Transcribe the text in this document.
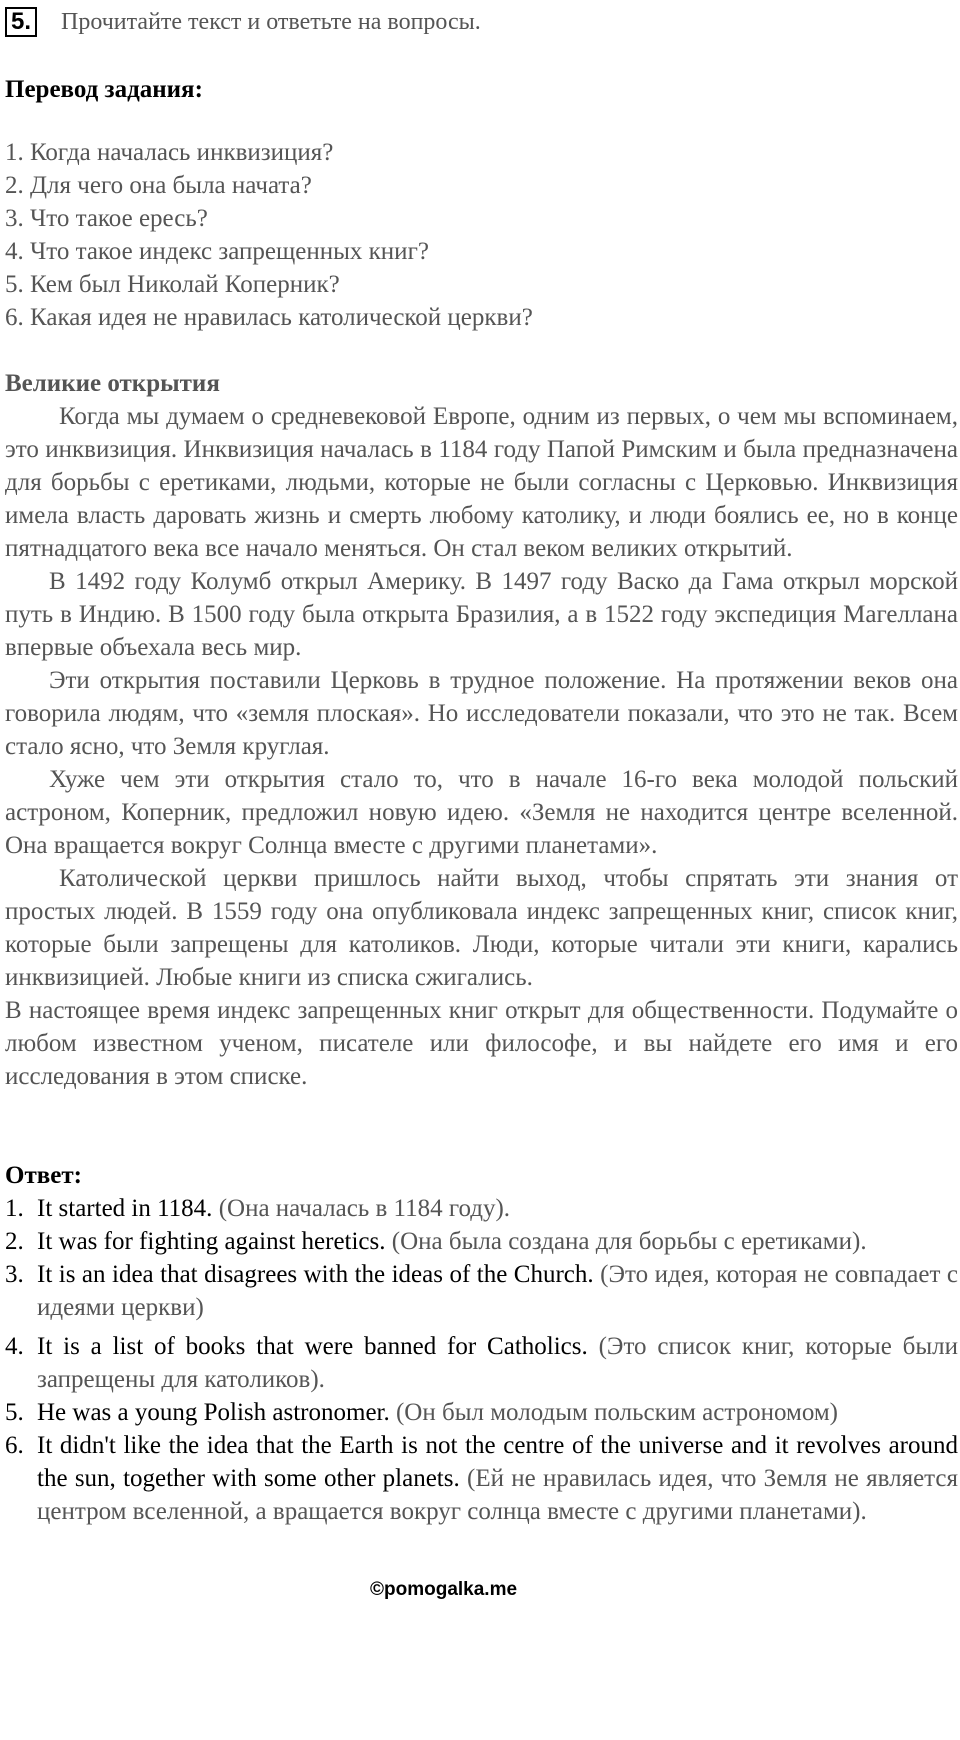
5. Прочитайте текст и ответьте на вопросы.
Перевод задания:
1. Когда началась инквизиция?
2. Для чего она была начата?
3. Что такое ересь?
4. Что такое индекс запрещенных книг?
5. Кем был Николай Коперник?
6. Какая идея не нравилась католической церкви?
Великие открытия

Когда мы думаем о средневековой Европе, одним из первых, о чем мы вспоминаем, это инквизиция. Инквизиция началась в 1184 году Папой Римским и была предназначена для борьбы с еретиками, людьми, которые не были согласны с Церковью. Инквизиция имела власть даровать жизнь и смерть любому католику, и люди боялись ее, но в конце пятнадцатого века все начало меняться. Он стал веком великих открытий.

В 1492 году Колумб открыл Америку. В 1497 году Васко да Гама открыл морской путь в Индию. В 1500 году была открыта Бразилия, а в 1522 году экспедиция Магеллана впервые объехала весь мир.

Эти открытия поставили Церковь в трудное положение. На протяжении веков она говорила людям, что «земля плоская». Но исследователи показали, что это не так. Всем стало ясно, что Земля круглая.

Хуже чем эти открытия стало то, что в начале 16-го века молодой польский астроном, Коперник, предложил новую идею. «Земля не находится центре вселенной. Она вращается вокруг Солнца вместе с другими планетами».

Католической церкви пришлось найти выход, чтобы спрятать эти знания от простых людей. В 1559 году она опубликовала индекс запрещенных книг, список книг, которые были запрещены для католиков. Люди, которые читали эти книги, карались инквизицией. Любые книги из списка сжигались.

В настоящее время индекс запрещенных книг открыт для общественности. Подумайте о любом известном ученом, писателе или философе, и вы найдете его имя и его исследования в этом списке.

Ответ:
1. It started in 1184. (Она началась в 1184 году).
2. It was for fighting against heretics. (Она была создана для борьбы с еретиками).
3. It is an idea that disagrees with the ideas of the Church. (Это идея, которая не совпадает с идеями церкви)
4. It is a list of books that were banned for Catholics. (Это список книг, которые были запрещены для католиков).
5. He was a young Polish astronomer. (Он был молодым польским астрономом)
6. It didn't like the idea that the Earth is not the centre of the universe and it revolves around the sun, together with some other planets. (Ей не нравилась идея, что Земля не является центром вселенной, а вращается вокруг солнца вместе с другими планетами).
©pomogalka.me
